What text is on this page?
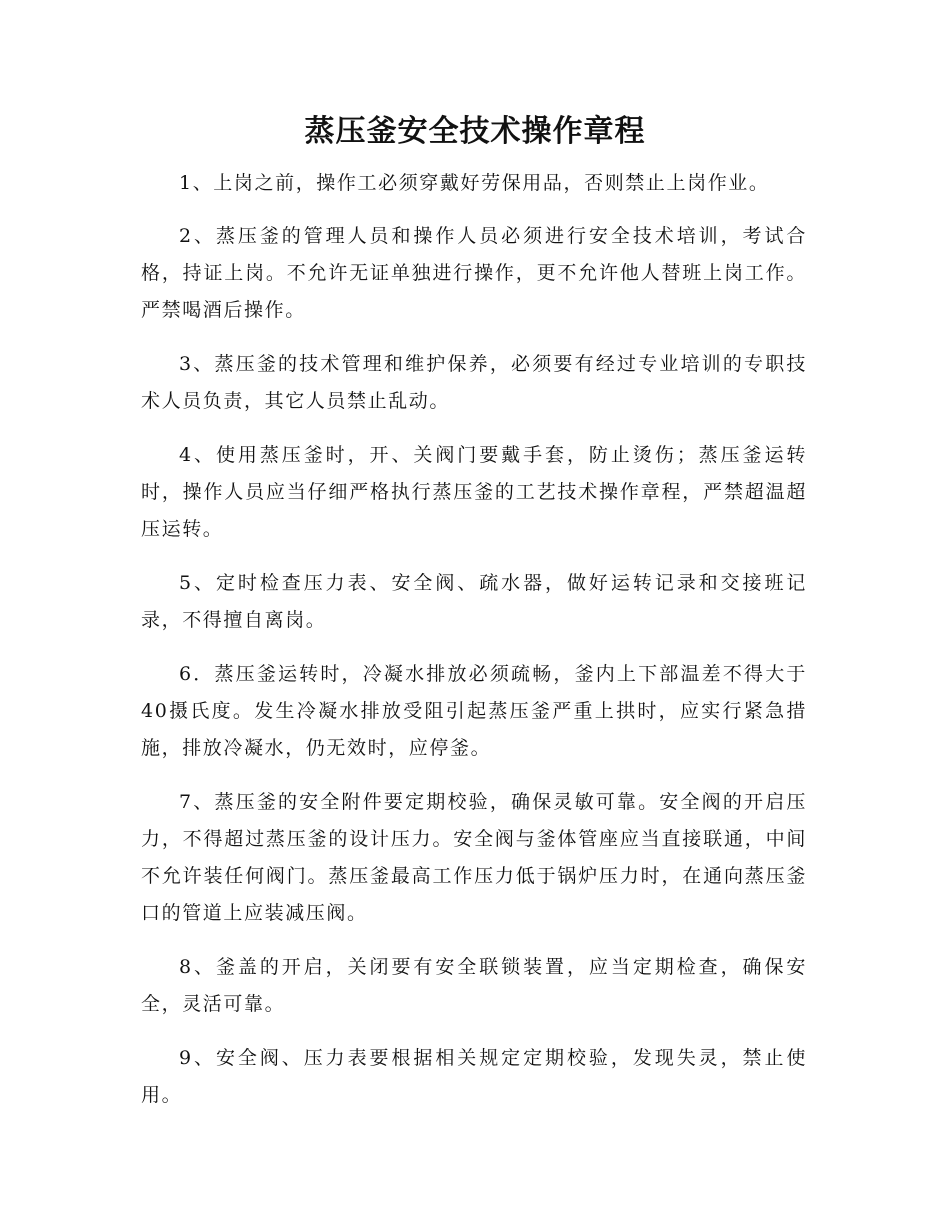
蒸压釜安全技术操作章程

1、上岗之前，操作工必须穿戴好劳保用品，否则禁止上岗作业。

2、蒸压釜的管理人员和操作人员必须进行安全技术培训，考试合格，持证上岗。不允许无证单独进行操作，更不允许他人替班上岗工作。严禁喝酒后操作。

3、蒸压釜的技术管理和维护保养，必须要有经过专业培训的专职技术人员负责，其它人员禁止乱动。

4、使用蒸压釜时，开、关阀门要戴手套，防止烫伤；蒸压釜运转时，操作人员应当仔细严格执行蒸压釜的工艺技术操作章程，严禁超温超压运转。

5、定时检查压力表、安全阀、疏水器，做好运转记录和交接班记录，不得擅自离岗。

6．蒸压釜运转时，冷凝水排放必须疏畅，釜内上下部温差不得大于40摄氏度。发生冷凝水排放受阻引起蒸压釜严重上拱时，应实行紧急措施，排放冷凝水，仍无效时，应停釜。

7、蒸压釜的安全附件要定期校验，确保灵敏可靠。安全阀的开启压力，不得超过蒸压釜的设计压力。安全阀与釜体管座应当直接联通，中间不允许装任何阀门。蒸压釜最高工作压力低于锅炉压力时，在通向蒸压釜口的管道上应装减压阀。

8、釜盖的开启，关闭要有安全联锁装置，应当定期检查，确保安全，灵活可靠。

9、安全阀、压力表要根据相关规定定期校验，发现失灵，禁止使用。
